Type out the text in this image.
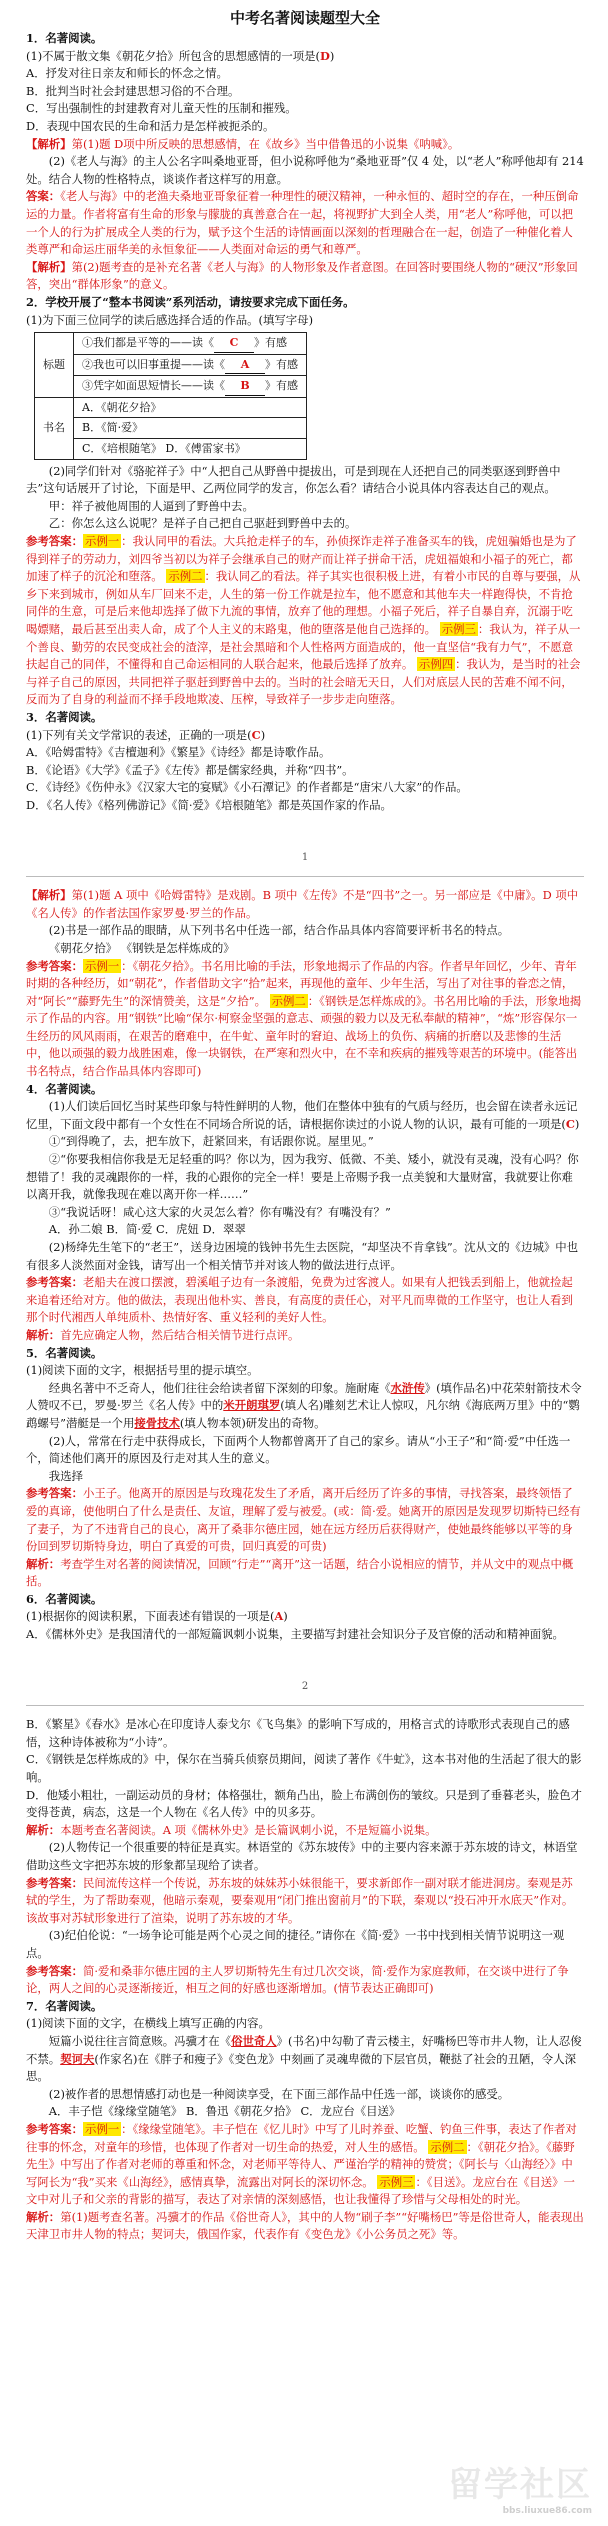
中考名著阅读题型大全

1．名著阅读。

(1)不属于散文集《朝花夕拾》所包含的思想感情的一项是(D)

A．抒发对往日亲友和师长的怀念之情。

B．批判当时社会封建思想习俗的不合理。

C．写出强制性的封建教育对儿童天性的压制和摧残。

D．表现中国农民的生命和活力是怎样被扼杀的。

【解析】第(1)题 D项中所反映的思想感情，在《故乡》当中借鲁迅的小说集《呐喊》。

(2)《老人与海》的主人公名字叫桑地亚哥，但小说称呼他为“桑地亚哥”仅 4 处，以“老人”称呼他却有 214 处。结合人物的性格特点，谈谈作者这样写的用意。

答案：《老人与海》中的老渔夫桑地亚哥象征着一种理性的硬汉精神，一种永恒的、超时空的存在，一种压倒命运的力量。作者将富有生命的形象与朦胧的真善意合在一起，将视野扩大到全人类，用“老人”称呼他，可以把一个人的行为扩展成全人类的行为，赋予这个生活的诗情画面以深刻的哲理融合在一起，创造了一种催化着人类尊严和命运庄丽华美的永恒象征——人类面对命运的勇气和尊严。

【解析】第(2)题考查的是补充名著《老人与海》的人物形象及作者意图。在回答时要围绕人物的“硬汉”形象回答，突出“群体形象”的意义。

2．学校开展了“整本书阅读”系列活动，请按要求完成下面任务。

(1)为下面三位同学的读后感选择合适的作品。(填写字母)

标题	①我们都是平等的——读《 C 》有感
	②我也可以旧事重提——读《 A 》有感
	③凭字如面思短情长——读《 B 》有感
书名	A．《朝花夕拾》
	B．《简·爱》
	C．《培根随笔》 D．《傅雷家书》

(2)同学们针对《骆驼祥子》中“人把自己从野兽中提拔出，可是到现在人还把自己的同类驱逐到野兽中去”这句话展开了讨论，下面是甲、乙两位同学的发言，你怎么看？请结合小说具体内容表达自己的观点。

甲：祥子被他周围的人逼到了野兽中去。

乙：你怎么这么说呢？是祥子自己把自己驱赶到野兽中去的。

参考答案： 示例一 ：我认同甲的看法。大兵抢走样子的车，孙侦探诈走祥子准备买车的钱，虎妞骗婚也是为了得到祥子的劳动力，刘四爷当初以为祥子会继承自己的财产而让祥子拼命干活，虎妞福娘和小福子的死亡，都加速了样子的沉沦和堕落。 示例二 ：我认同乙的看法。祥子其实也很积极上进，有着小市民的自尊与要强，从乡下来到城市，例如从车厂回来不走，人生的第一份工作就是拉车，他不愿意和其他车夫一样跑得快，不肯抢同伴的生意，可是后来他却选择了做下九流的事情，放弃了他的理想。小福子死后，祥子自暴自弃，沉溺于吃喝嫖赌，最后甚至出卖人命，成了个人主义的末路鬼，他的堕落是他自己选择的。 示例三 ：我认为，祥子从一个善良、勤劳的农民变成社会的渣滓，是社会黑暗和个人性格两方面造成的，他一直坚信“我有力气”，不愿意扶起自己的同伴，不懂得和自己命运相同的人联合起来，他最后选择了放弃。 示例四 ：我认为，是当时的社会与祥子自己的原因，共同把祥子驱赶到野兽中去的。当时的社会暗无天日，人们对底层人民的苦难不闻不问，反而为了自身的利益而不择手段地欺凌、压榨，导致祥子一步步走向堕落。

3．名著阅读。

(1)下列有关文学常识的表述，正确的一项是(C)

A．《哈姆雷特》《吉檀迦利》《繁星》《诗经》都是诗歌作品。

B．《论语》《大学》《孟子》《左传》都是儒家经典，并称“四书”。

C．《诗经》《伤仲永》《汉家大宅的宴赋》《小石潭记》的作者都是“唐宋八大家”的作品。

D．《名人传》《格列佛游记》《简·爱》《培根随笔》都是英国作家的作品。

1

【解析】第(1)题 A 项中《哈姆雷特》是戏剧。B 项中《左传》不是“四书”之一。另一部应是《中庸》。D 项中《名人传》的作者法国作家罗曼·罗兰的作品。

(2)书是一部作品的眼睛，从下列书名中任选一部，结合作品具体内容简要评析书名的特点。

《朝花夕拾》 《钢铁是怎样炼成的》

参考答案： 示例一 ：《朝花夕拾》。书名用比喻的手法，形象地揭示了作品的内容。作者早年回忆，少年、青年时期的各种经历，如“朝花”，作者借助文字“拾”起来，再现他的童年、少年生活，写出了对往事的眷恋之情，对“阿长”“藤野先生”的深情赞美，这是“夕拾”。 示例二 ：《钢铁是怎样炼成的》。书名用比喻的手法，形象地揭示了作品的内容。用“钢铁”比喻“保尔·柯察金坚强的意志、顽强的毅力以及无私奉献的精神”，“炼”形容保尔一生经历的风风雨雨，在艰苦的磨难中，在牛虻、童年时的窘迫、战场上的负伤、病痛的折磨以及悲惨的生活中，他以顽强的毅力战胜困难，像一块钢铁，在严寒和烈火中，在不幸和疾病的摧残等艰苦的环境中。(能答出书名特点，结合作品具体内容即可)

4．名著阅读。

(1)人们读后回忆当时某些印象与特性鲜明的人物，他们在整体中独有的气质与经历，也会留在读者永远记忆里，下面文段中都有一个女性在不同场合所说的话，请根据你读过的小说人物的认识，最有可能的一项是(C)

①“到得晚了，去，把车放下，赶紧回来，有话跟你说。屋里见。”

②“你要我相信你我是无足轻重的吗？你以为，因为我穷、低微、不美、矮小，就没有灵魂，没有心吗？你想错了！我的灵魂跟你的一样，我的心跟你的完全一样！要是上帝赐予我一点美貌和大量财富，我就要让你难以离开我，就像我现在难以离开你一样……”

③“我说话呀！咸心这大家的火灵怎么着？你有嘴没有？有嘴没有？”

A．孙二娘 B．简·爱 C．虎妞 D．翠翠

(2)杨绛先生笔下的“老王”，送身边困境的钱钟书先生去医院，“却坚决不肯拿钱”。沈从文的《边城》中也有很多人淡然面对金钱，请写出一个相关情节并对该人物的做法进行点评。

参考答案：老船夫在渡口摆渡，碧溪岨子边有一条渡船，免费为过客渡人。如果有人把钱丢到船上，他就捡起来追着还给对方。他的做法，表现出他朴实、善良，有高度的责任心，对平凡而卑微的工作坚守，也让人看到那个时代湘西人单纯质朴、热情好客、重义轻利的美好人性。

解析：首先应确定人物，然后结合相关情节进行点评。

5．名著阅读。

(1)阅读下面的文字，根据括号里的提示填空。

经典名著中不乏奇人，他们往往会给读者留下深刻的印象。施耐庵《水浒传》(填作品名)中花荣射箭技术令人赞叹不已，罗曼·罗兰《名人传》中的米开朗琪罗(填人名)雕刻艺术让人惊叹，凡尔纳《海底两万里》中的“鹦鹉螺号”潜艇是一个用接骨技术(填人物本领)研发出的奇物。

(2)人，常常在行走中获得成长，下面两个人物都曾离开了自己的家乡。请从“小王子”和“简·爱”中任选一个，简述他们离开的原因及行走对其人生的意义。

我选择

参考答案：小王子。他离开的原因是与玫瑰花发生了矛盾，离开后经历了许多的事情，寻找答案，最终领悟了爱的真谛，使他明白了什么是责任、友谊，理解了爱与被爱。(或：简·爱。她离开的原因是发现罗切斯特已经有了妻子，为了不违背自己的良心，离开了桑菲尔德庄园，她在远方经历后获得财产，使她最终能够以平等的身份回到罗切斯特身边，明白了真爱的可贵，回归真爱的可贵)

解析：考查学生对名著的阅读情况，回顾“行走”“离开”这一话题，结合小说相应的情节，并从文中的观点中概括。

6．名著阅读。

(1)根据你的阅读积累，下面表述有错误的一项是(A)

A．《儒林外史》是我国清代的一部短篇讽刺小说集，主要描写封建社会知识分子及官僚的活动和精神面貌。

2

B．《繁星》《春水》是冰心在印度诗人泰戈尔《飞鸟集》的影响下写成的，用格言式的诗歌形式表现自己的感悟，这种诗体被称为“小诗”。

C．《钢铁是怎样炼成的》中，保尔在当骑兵侦察员期间，阅读了著作《牛虻》，这本书对他的生活起了很大的影响。

D．他矮小粗壮，一副运动员的身材；体格强壮，额角凸出，脸上布满创伤的皱纹。只是到了垂暮老头，脸色才变得苍黄，病态，这是一个人物在《名人传》中的贝多芬。

解析：本题考查名著阅读。A 项《儒林外史》是长篇讽刺小说，不是短篇小说集。

(2)人物传记一个很重要的特征是真实。林语堂的《苏东坡传》中的主要内容来源于苏东坡的诗文，林语堂借助这些文字把苏东坡的形象都呈现给了读者。

参考答案：民间流传这样一个传说，苏东坡的妹妹苏小妹很能干，要求新郎作一副对联才能进洞房。秦观是苏轼的学生，为了帮助秦观，他暗示秦观，要秦观用“闭门推出窗前月”的下联，秦观以“投石冲开水底天”作对。该故事对苏轼形象进行了渲染，说明了苏东坡的才华。

(3)纪伯伦说：“一场争论可能是两个心灵之间的捷径。”请你在《简·爱》一书中找到相关情节说明这一观点。

参考答案：简·爱和桑菲尔德庄园的主人罗切斯特先生有过几次交谈，简·爱作为家庭教师，在交谈中进行了争论，两人之间的心灵逐渐接近，相互之间的好感也逐渐增加。(情节表达正确即可)

7．名著阅读。

(1)阅读下面的文字，在横线上填写正确的内容。

短篇小说往往言简意赅。冯骥才在《俗世奇人》(书名)中勾勒了青云楼主，好嘴杨巴等市井人物，让人忍俊不禁。契诃夫(作家名)在《胖子和瘦子》《变色龙》中刻画了灵魂卑微的下层官员，鞭挞了社会的丑陋，令人深思。

(2)被作者的思想情感打动也是一种阅读享受，在下面三部作品中任选一部，谈谈你的感受。

A．丰子恺《缘缘堂随笔》 B．鲁迅《朝花夕拾》 C．龙应台《目送》

参考答案： 示例一 ：《缘缘堂随笔》。丰子恺在《忆儿时》中写了儿时养蚕、吃蟹、钓鱼三件事，表达了作者对往事的怀念，对童年的珍惜，也体现了作者对一切生命的热爱，对人生的感悟。 示例二 ：《朝花夕拾》。《藤野先生》中写出了作者对老师的尊重和怀念，对老师平等待人、严谨治学的精神的赞赏；《阿长与〈山海经〉》中写阿长为“我”买来《山海经》，感情真挚，流露出对阿长的深切怀念。 示例三 ：《目送》。龙应台在《目送》一文中对儿子和父亲的背影的描写，表达了对亲情的深刻感悟，也让我懂得了珍惜与父母相处的时光。

解析：第(1)题考查名著。冯骥才的作品《俗世奇人》，其中的人物“刷子李”“好嘴杨巴”等是俗世奇人，能表现出天津卫市井人物的特点；契诃夫，俄国作家，代表作有《变色龙》《小公务员之死》等。

留学社区
bbs.liuxue86.com
